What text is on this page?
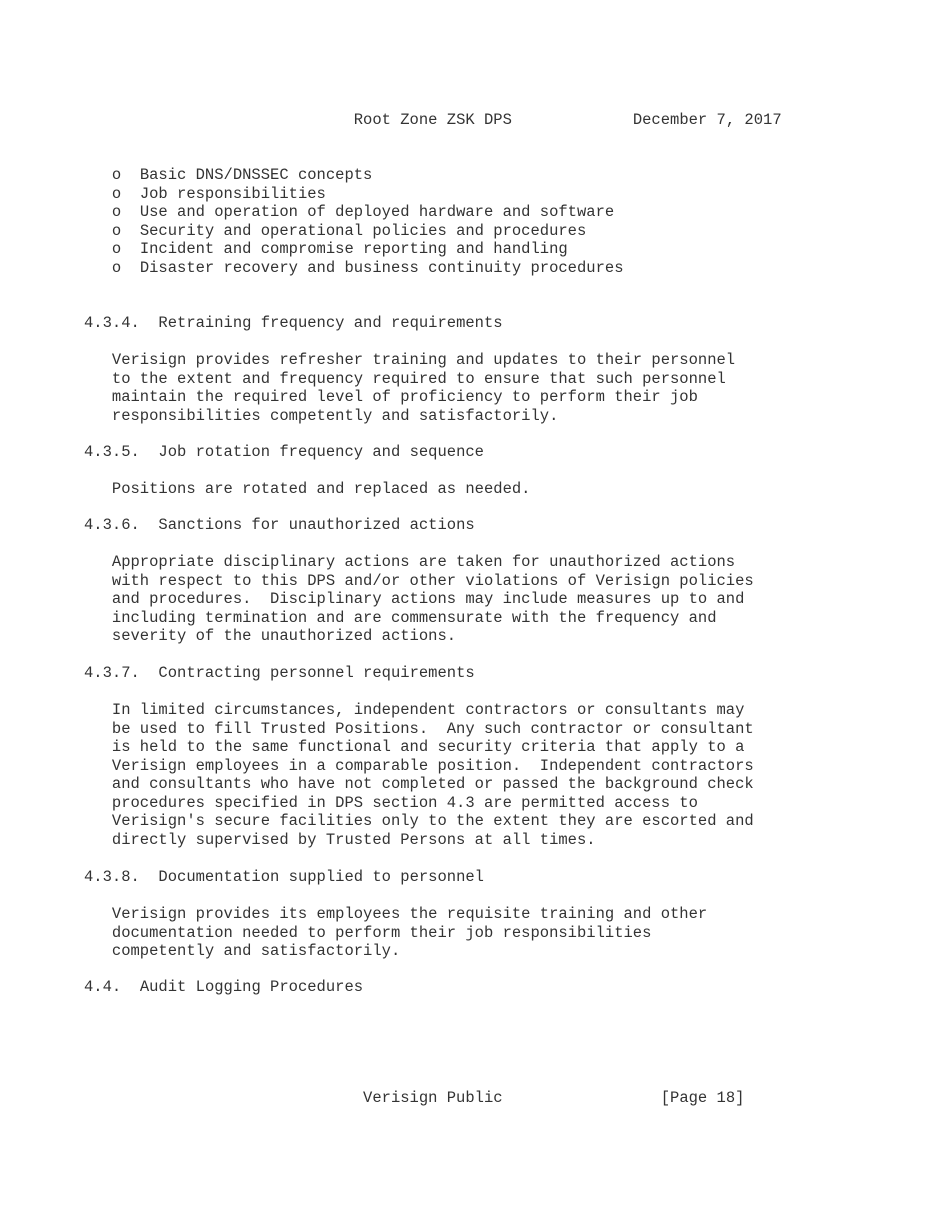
Root Zone ZSK DPS	December 7, 2017
o  Basic DNS/DNSSEC concepts
o  Job responsibilities
o  Use and operation of deployed hardware and software
o  Security and operational policies and procedures
o  Incident and compromise reporting and handling
o  Disaster recovery and business continuity procedures
4.3.4. Retraining frequency and requirements

Verisign provides refresher training and updates to their personnel
to the extent and frequency required to ensure that such personnel
maintain the required level of proficiency to perform their job
responsibilities competently and satisfactorily.
4.3.5. Job rotation frequency and sequence

Positions are rotated and replaced as needed.
4.3.6. Sanctions for unauthorized actions

Appropriate disciplinary actions are taken for unauthorized actions
with respect to this DPS and/or other violations of Verisign policies
and procedures.  Disciplinary actions may include measures up to and
including termination and are commensurate with the frequency and
severity of the unauthorized actions.
4.3.7. Contracting personnel requirements

In limited circumstances, independent contractors or consultants may
be used to fill Trusted Positions.  Any such contractor or consultant
is held to the same functional and security criteria that apply to a
Verisign employees in a comparable position.  Independent contractors
and consultants who have not completed or passed the background check
procedures specified in DPS section 4.3 are permitted access to
Verisign's secure facilities only to the extent they are escorted and
directly supervised by Trusted Persons at all times.
4.3.8. Documentation supplied to personnel

Verisign provides its employees the requisite training and other
documentation needed to perform their job responsibilities
competently and satisfactorily.
4.4. Audit Logging Procedures
Verisign Public	[Page 18]
